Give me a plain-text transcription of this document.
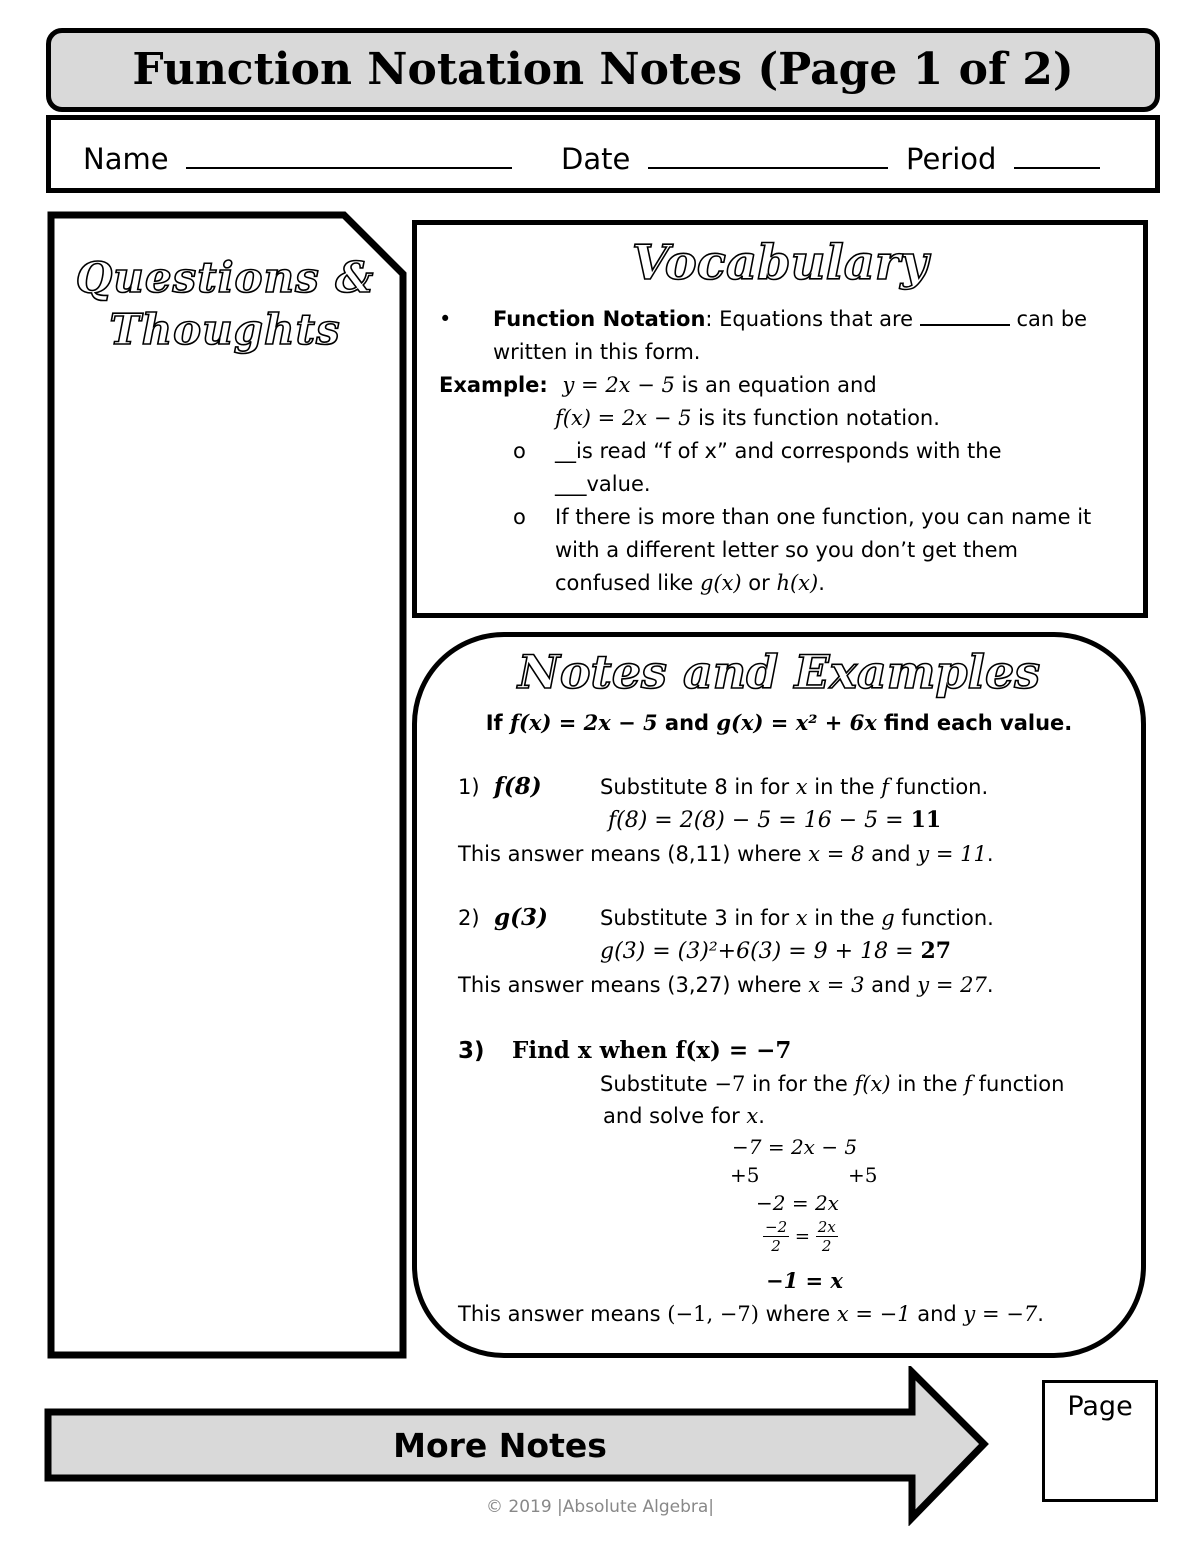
Function Notation Notes (Page 1 of 2)
Name	Date	Period
Questions &
Thoughts
Vocabulary
• Function Notation: Equations that are	can be
written in this form.
Example: y = 2x − 5 is an equation and
f(x) = 2x − 5 is its function notation.
o __is read “f of x” and corresponds with the
___value.
o If there is more than one function, you can name it
with a different letter so you don’t get them
confused like g(x) or h(x).
Notes and Examples
If f(x) = 2x − 5 and g(x) = x² + 6x find each value.
1) f(8)	Substitute 8 in for x in the f function.
f(8) = 2(8) − 5 = 16 − 5 = 11
This answer means (8,11) where x = 8 and y = 11.
2) g(3) Substitute 3 in for x in the g function.
g(3) = (3)²+6(3) = 9 + 18 = 27
This answer means (3,27) where x = 3 and y = 27.
3) Find x when f(x) = −7
Substitute −7 in for the f(x) in the f function
and solve for x.
−7 = 2x − 5
+5	+5
−2 = 2x
$\frac{-2}{2} = \frac{2x}{2}$
−1 = x
This answer means (−1, −7) where x = −1 and y = −7.
More Notes
Page
© 2019 |Absolute Algebra|
